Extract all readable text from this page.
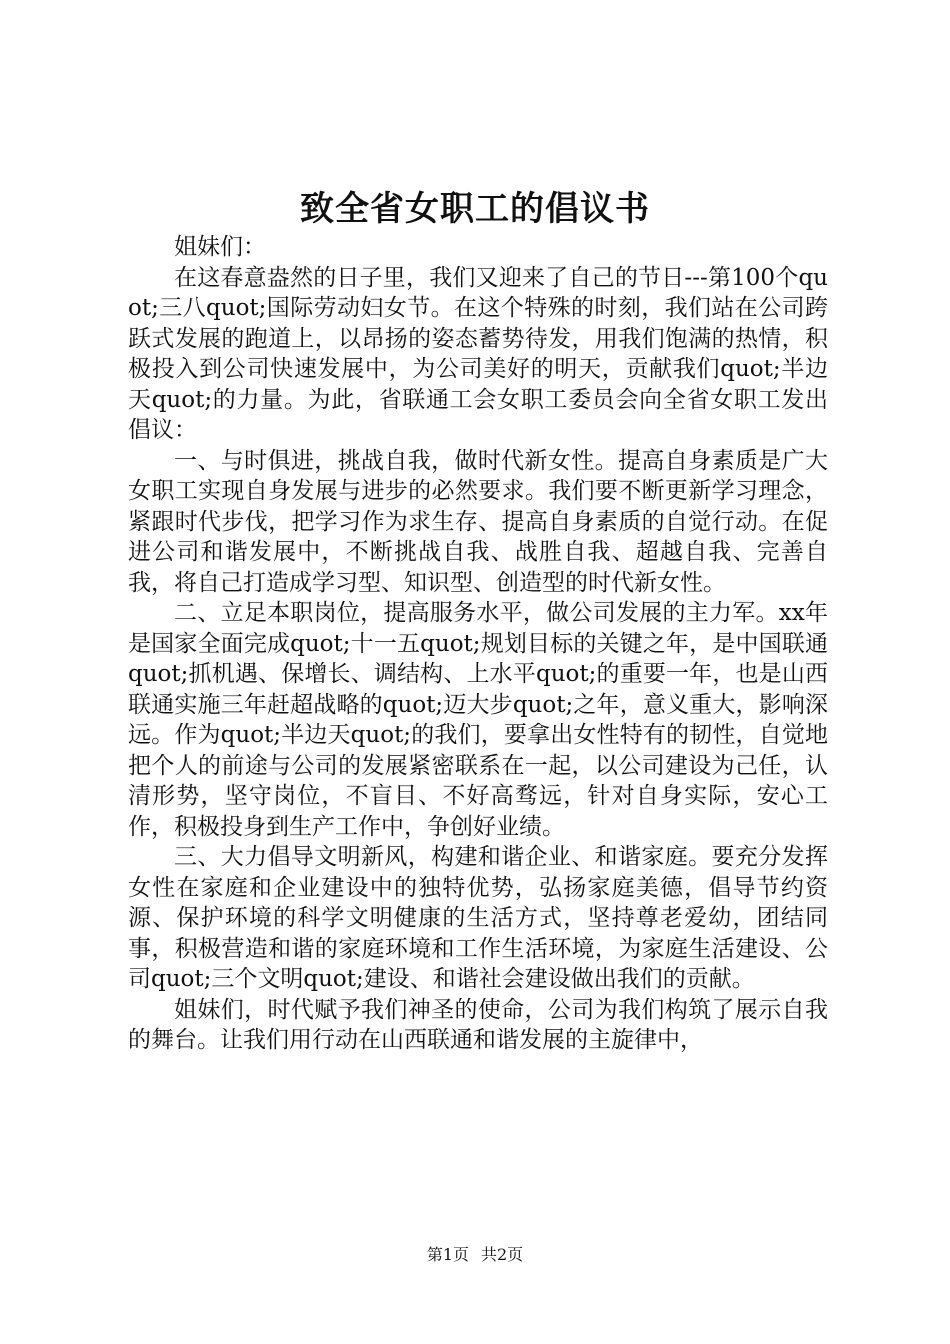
致全省女职工的倡议书

姐妹们：

在这春意盎然的日子里，我们又迎来了自己的节日---第100个quot;三八quot;国际劳动妇女节。在这个特殊的时刻，我们站在公司跨跃式发展的跑道上，以昂扬的姿态蓄势待发，用我们饱满的热情，积极投入到公司快速发展中，为公司美好的明天，贡献我们quot;半边天quot;的力量。为此，省联通工会女职工委员会向全省女职工发出倡议：

一、与时俱进，挑战自我，做时代新女性。提高自身素质是广大女职工实现自身发展与进步的必然要求。我们要不断更新学习理念，紧跟时代步伐，把学习作为求生存、提高自身素质的自觉行动。在促进公司和谐发展中，不断挑战自我、战胜自我、超越自我、完善自我，将自己打造成学习型、知识型、创造型的时代新女性。

二、立足本职岗位，提高服务水平，做公司发展的主力军。xx年是国家全面完成quot;十一五quot;规划目标的关键之年，是中国联通quot;抓机遇、保增长、调结构、上水平quot;的重要一年，也是山西联通实施三年赶超战略的quot;迈大步quot;之年，意义重大，影响深远。作为quot;半边天quot;的我们，要拿出女性特有的韧性，自觉地把个人的前途与公司的发展紧密联系在一起，以公司建设为己任，认清形势，坚守岗位，不盲目、不好高骛远，针对自身实际，安心工作，积极投身到生产工作中，争创好业绩。

三、大力倡导文明新风，构建和谐企业、和谐家庭。要充分发挥女性在家庭和企业建设中的独特优势，弘扬家庭美德，倡导节约资源、保护环境的科学文明健康的生活方式，坚持尊老爱幼，团结同事，积极营造和谐的家庭环境和工作生活环境，为家庭生活建设、公司quot;三个文明quot;建设、和谐社会建设做出我们的贡献。

姐妹们，时代赋予我们神圣的使命，公司为我们构筑了展示自我的舞台。让我们用行动在山西联通和谐发展的主旋律中，

第1页 共2页
